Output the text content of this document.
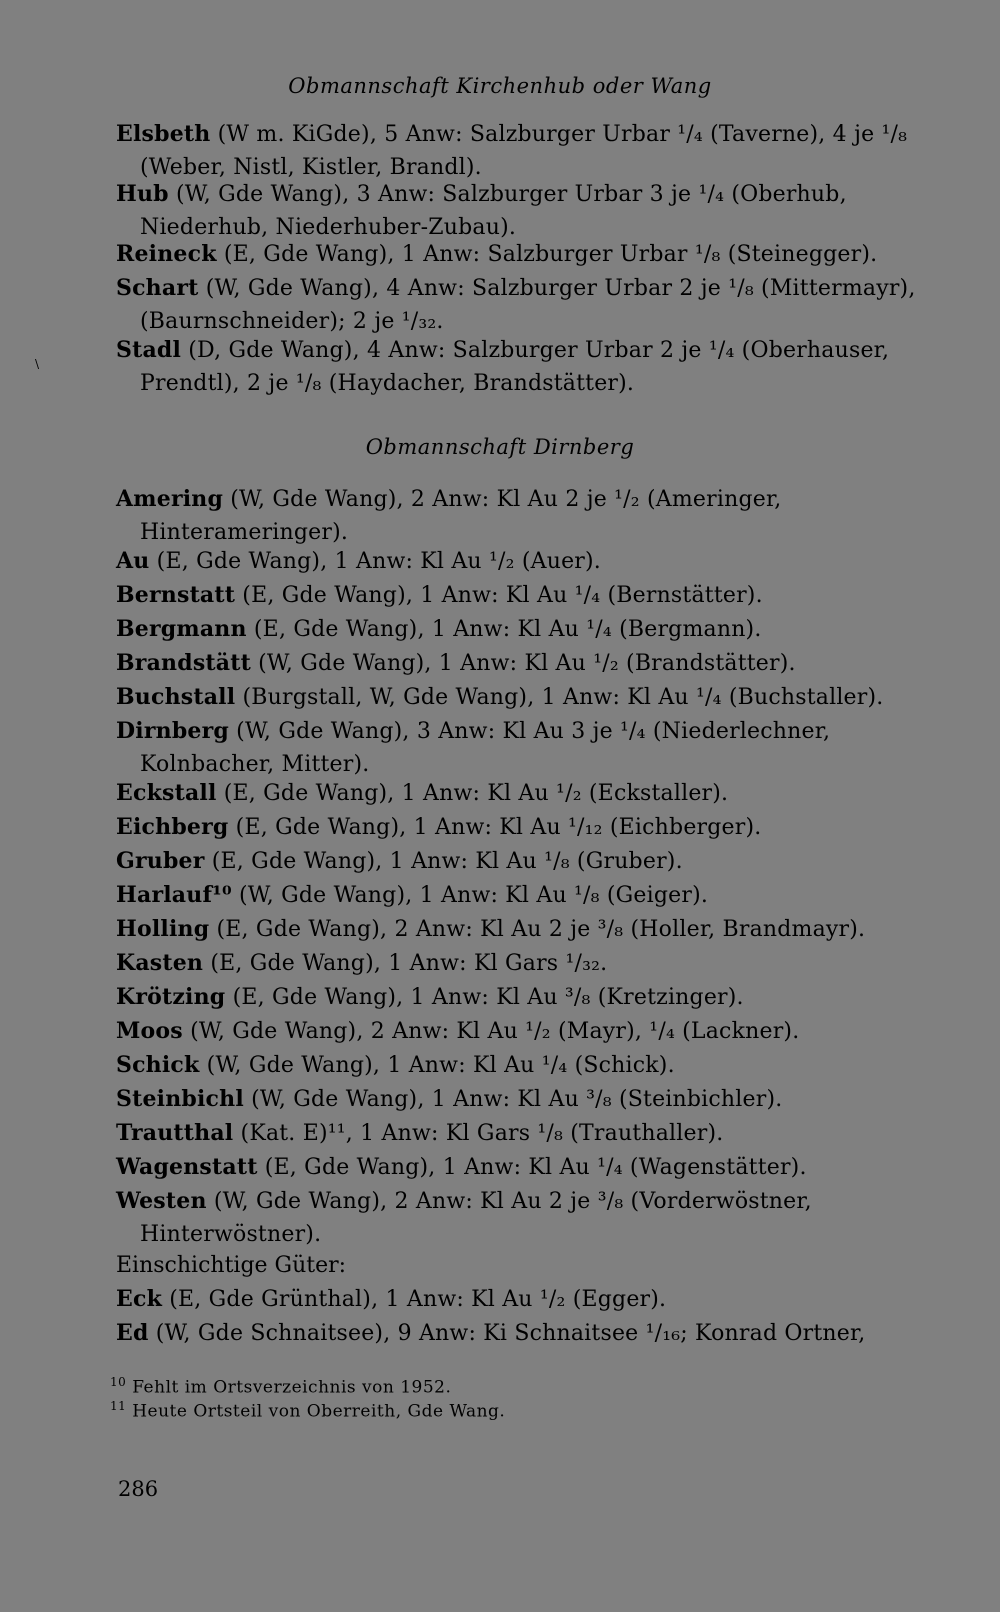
\
Obmannschaft Kirchenhub oder Wang
Elsbeth (W m. KiGde), 5 Anw: Salzburger Urbar ¹/₄ (Taverne), 4 je ¹/₈ (Weber, Nistl, Kistler, Brandl).
Hub (W, Gde Wang), 3 Anw: Salzburger Urbar 3 je ¹/₄ (Oberhub, Niederhub, Niederhuber-Zubau).
Reineck (E, Gde Wang), 1 Anw: Salzburger Urbar ¹/₈ (Steinegger).
Schart (W, Gde Wang), 4 Anw: Salzburger Urbar 2 je ¹/₈ (Mittermayr), (Baurnschneider); 2 je ¹/₃₂.
Stadl (D, Gde Wang), 4 Anw: Salzburger Urbar 2 je ¹/₄ (Oberhauser, Prendtl), 2 je ¹/₈ (Haydacher, Brandstätter).
Obmannschaft Dirnberg
Amering (W, Gde Wang), 2 Anw: Kl Au 2 je ¹/₂ (Ameringer, Hinterameringer).
Au (E, Gde Wang), 1 Anw: Kl Au ¹/₂ (Auer).
Bernstatt (E, Gde Wang), 1 Anw: Kl Au ¹/₄ (Bernstätter).
Bergmann (E, Gde Wang), 1 Anw: Kl Au ¹/₄ (Bergmann).
Brandstätt (W, Gde Wang), 1 Anw: Kl Au ¹/₂ (Brandstätter).
Buchstall (Burgstall, W, Gde Wang), 1 Anw: Kl Au ¹/₄ (Buchstaller).
Dirnberg (W, Gde Wang), 3 Anw: Kl Au 3 je ¹/₄ (Niederlechner, Kolnbacher, Mitter).
Eckstall (E, Gde Wang), 1 Anw: Kl Au ¹/₂ (Eckstaller).
Eichberg (E, Gde Wang), 1 Anw: Kl Au ¹/₁₂ (Eichberger).
Gruber (E, Gde Wang), 1 Anw: Kl Au ¹/₈ (Gruber).
Harlauf¹⁰ (W, Gde Wang), 1 Anw: Kl Au ¹/₈ (Geiger).
Holling (E, Gde Wang), 2 Anw: Kl Au 2 je ³/₈ (Holler, Brandmayr).
Kasten (E, Gde Wang), 1 Anw: Kl Gars ¹/₃₂.
Krötzing (E, Gde Wang), 1 Anw: Kl Au ³/₈ (Kretzinger).
Moos (W, Gde Wang), 2 Anw: Kl Au ¹/₂ (Mayr), ¹/₄ (Lackner).
Schick (W, Gde Wang), 1 Anw: Kl Au ¹/₄ (Schick).
Steinbichl (W, Gde Wang), 1 Anw: Kl Au ³/₈ (Steinbichler).
Trautthal (Kat. E)¹¹, 1 Anw: Kl Gars ¹/₈ (Trauthaller).
Wagenstatt (E, Gde Wang), 1 Anw: Kl Au ¹/₄ (Wagenstätter).
Westen (W, Gde Wang), 2 Anw: Kl Au 2 je ³/₈ (Vorderwöstner, Hinterwöstner).
Einschichtige Güter:
Eck (E, Gde Grünthal), 1 Anw: Kl Au ¹/₂ (Egger).
Ed (W, Gde Schnaitsee), 9 Anw: Ki Schnaitsee ¹/₁₆; Konrad Ortner,
$^{10}$ Fehlt im Ortsverzeichnis von 1952.
$^{11}$ Heute Ortsteil von Oberreith, Gde Wang.
286
